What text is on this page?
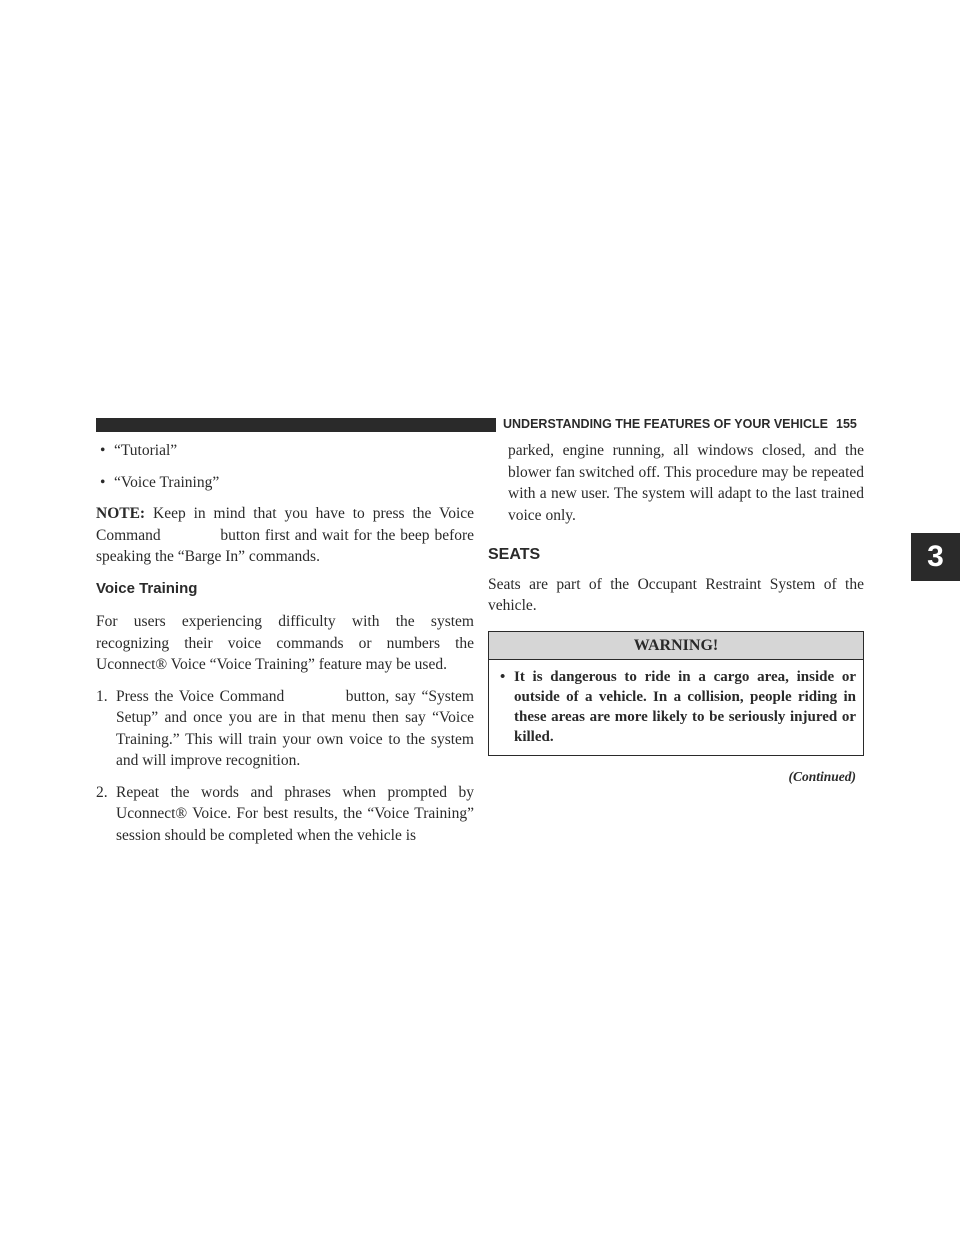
UNDERSTANDING THE FEATURES OF YOUR VEHICLE 155
3
• “Tutorial”
• “Voice Training”

NOTE: Keep in mind that you have to press the Voice Command	button first and wait for the beep before speaking the “Barge In” commands.

Voice Training

For users experiencing difficulty with the system recognizing their voice commands or numbers the Uconnect® Voice “Voice Training” feature may be used.

1. Press the Voice Command	button, say “System Setup” and once you are in that menu then say “Voice Training.” This will train your own voice to the system and will improve recognition.

2. Repeat the words and phrases when prompted by Uconnect® Voice. For best results, the “Voice Training” session should be completed when the vehicle is

parked, engine running, all windows closed, and the blower fan switched off. This procedure may be repeated with a new user. The system will adapt to the last trained voice only.

SEATS

Seats are part of the Occupant Restraint System of the vehicle.

WARNING!
• It is dangerous to ride in a cargo area, inside or outside of a vehicle. In a collision, people riding in these areas are more likely to be seriously injured or killed.

(Continued)
